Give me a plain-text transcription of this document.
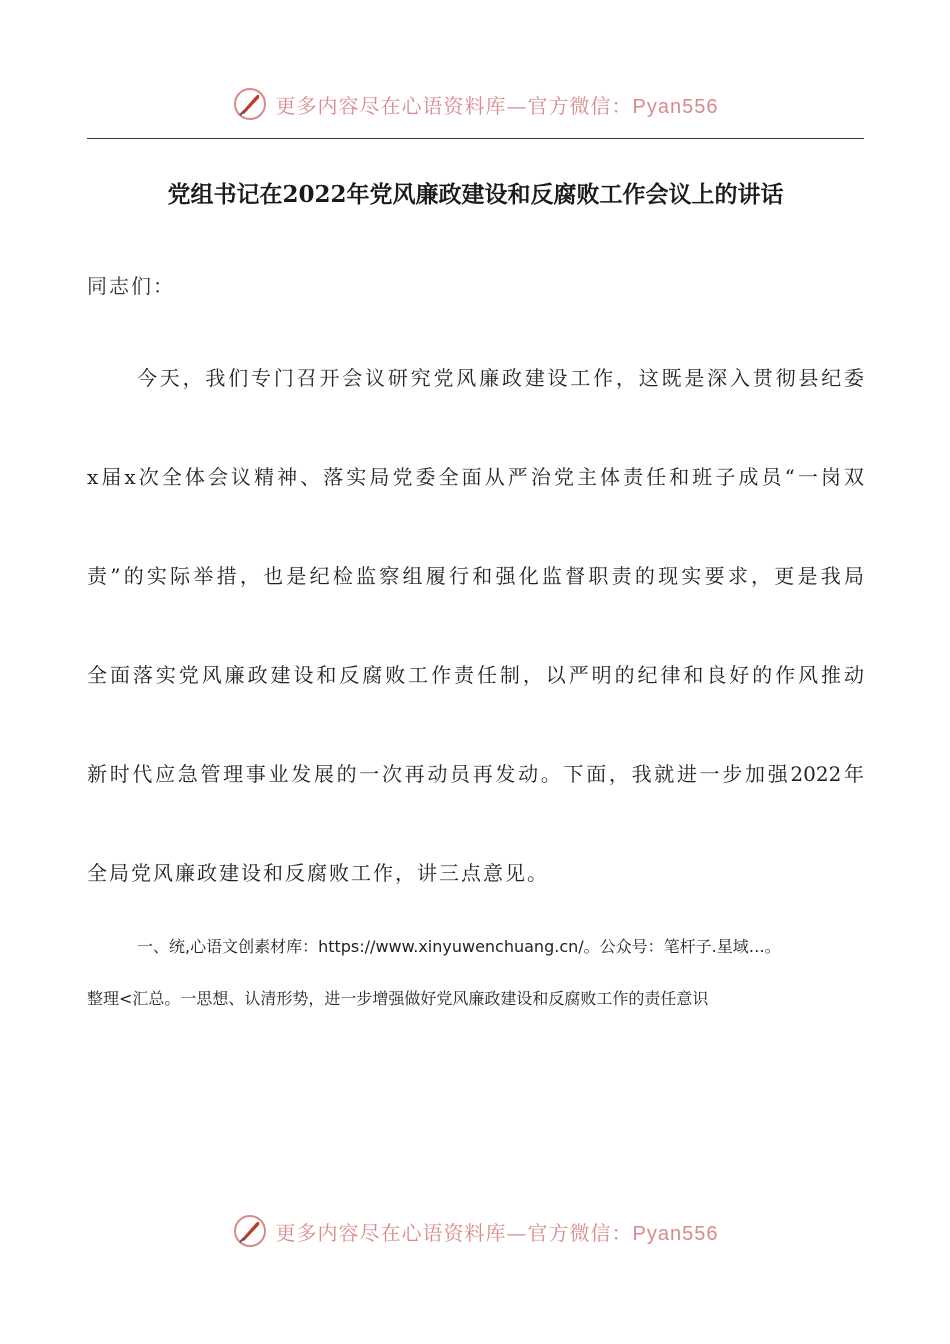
更多内容尽在心语资料库—官方微信：Pyan556
党组书记在2022年党风廉政建设和反腐败工作会议上的讲话
同志们：
今天，我们专门召开会议研究党风廉政建设工作，这既是深入贯彻县纪委
x届x次全体会议精神、落实局党委全面从严治党主体责任和班子成员“一岗双
责”的实际举措，也是纪检监察组履行和强化监督职责的现实要求，更是我局
全面落实党风廉政建设和反腐败工作责任制，以严明的纪律和良好的作风推动
新时代应急管理事业发展的一次再动员再发动。下面，我就进一步加强2022年
全局党风廉政建设和反腐败工作，讲三点意见。
一、统,心语文创素材库：https://www.xinyuwenchuang.cn/。公众号：笔杆子.星域…。
整理<汇总。一思想、认清形势，进一步增强做好党风廉政建设和反腐败工作的责任意识
更多内容尽在心语资料库—官方微信：Pyan556
